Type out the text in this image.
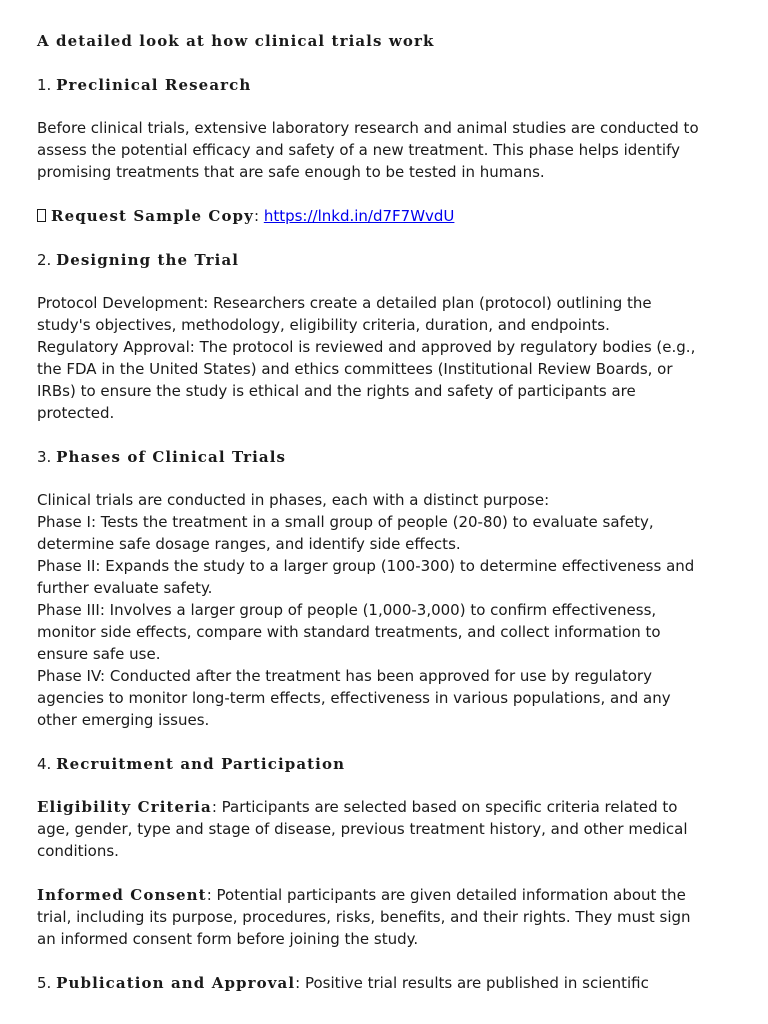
A detailed look at how clinical trials work
1. Preclinical Research
Before clinical trials, extensive laboratory research and animal studies are conducted to
assess the potential efficacy and safety of a new treatment. This phase helps identify
promising treatments that are safe enough to be tested in humans.
Request Sample Copy: https://lnkd.in/d7F7WvdU
2. Designing the Trial
Protocol Development: Researchers create a detailed plan (protocol) outlining the
study's objectives, methodology, eligibility criteria, duration, and endpoints.
Regulatory Approval: The protocol is reviewed and approved by regulatory bodies (e.g.,
the FDA in the United States) and ethics committees (Institutional Review Boards, or
IRBs) to ensure the study is ethical and the rights and safety of participants are
protected.
3. Phases of Clinical Trials
Clinical trials are conducted in phases, each with a distinct purpose:
Phase I: Tests the treatment in a small group of people (20-80) to evaluate safety,
determine safe dosage ranges, and identify side effects.
Phase II: Expands the study to a larger group (100-300) to determine effectiveness and
further evaluate safety.
Phase III: Involves a larger group of people (1,000-3,000) to confirm effectiveness,
monitor side effects, compare with standard treatments, and collect information to
ensure safe use.
Phase IV: Conducted after the treatment has been approved for use by regulatory
agencies to monitor long-term effects, effectiveness in various populations, and any
other emerging issues.
4. Recruitment and Participation
Eligibility Criteria: Participants are selected based on specific criteria related to
age, gender, type and stage of disease, previous treatment history, and other medical
conditions.
Informed Consent: Potential participants are given detailed information about the
trial, including its purpose, procedures, risks, benefits, and their rights. They must sign
an informed consent form before joining the study.
5. Publication and Approval: Positive trial results are published in scientific
